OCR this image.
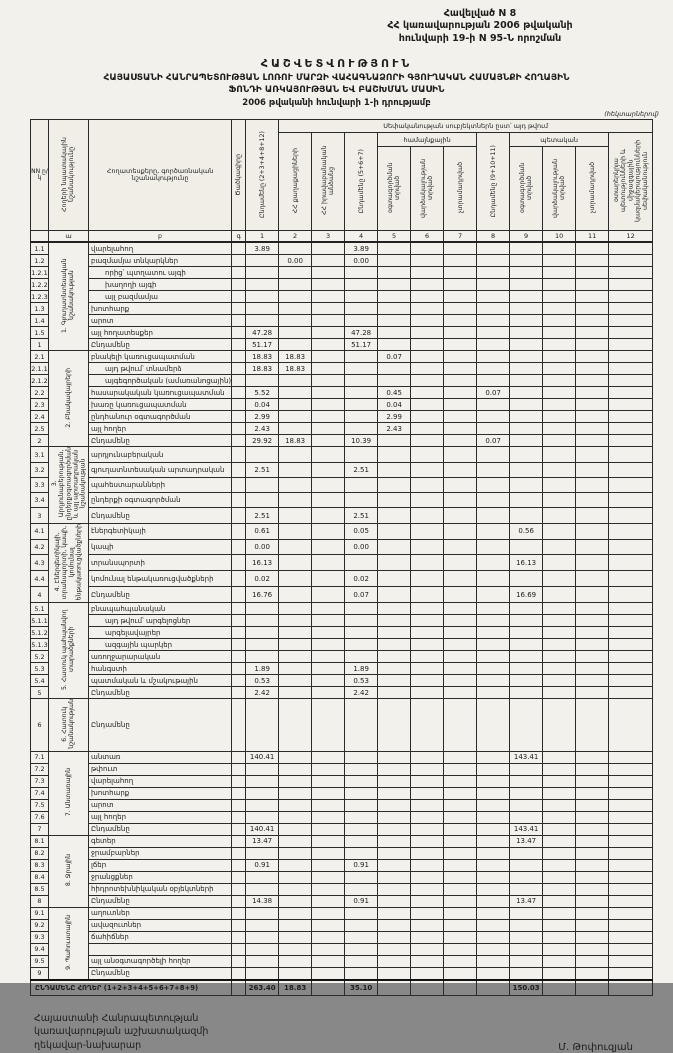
Հավելված N 8
ՀՀ կառավարության 2006 թվականի
հունվարի 19-ի N 95-Ն որոշման
ՀԱՇՎԵՏՎՈՒԹՅՈՒՆ
ՀԱՅԱՍՏԱՆԻ ՀԱՆՐԱՊԵՏՈՒԹՅԱՆ ԼՈՌՈՒ ՄԱՐԶԻ ՎԱՀԱԳՆԱՁՈՐԻ ԳՅՈՒՂԱԿԱՆ ՀԱՄԱՅՆՔԻ ՀՈՂԱՅԻՆ
ՖՈՆԴԻ ԱՌԿԱՅՈՒԹՅԱՆ ԵՎ ԲԱՇԽՄԱՆ ՄԱՍԻՆ
2006 թվականի հունվարի 1-ի դրությամբ
(հեկտարներով)
NN ը/կ	Հողերի նպատակային նշանակությունը	Հողատեսքերը, գործառնական նշանակությունը	Ծածկագիրը	Ընդամենը (2+3+4+8+12)	Սեփականության սուբյեկտներն ըստ՝ այդ թվում										
					ՀՀ քաղաքացիների	ՀՀ իրավաբանական անձանց	Ընդամենը (5+6+7)	համայնքային			Ընդամենը (9+10+11)	պետական			օտարերկրյա պետությունների և միջազգային կազմակերպությունների սեփականություն
								օգտագործման տրված	վարձակալության տրված	չտրամադրված		օգտագործման տրված	վարձակալության տրված	չտրամադրված	
	ա	բ	գ	1	2	3	4	5	6	7	8	9	10	11	12
1.1	1. Գյուղատնտեսական նշանակության	վարելահող		3.89			3.89								
1.2		բազմամյա տնկարկներ			0.00		0.00								
1.2.1		որից՝ պտղատու այգի													
1.2.2		խաղողի այգի													
1.2.3		այլ բազմամյա													
1.3		խոտհարք													
1.4		արոտ													
1.5		այլ հողատեսքեր		47.28			47.28								
1		Ընդամենը		51.17			51.17								
2.1	2. Բնակավայրերի	բնակելի կառուցապատման		18.83	18.83			0.07							
2.1.1		այդ թվում՝ տնամերձ		18.83	18.83										
2.1.2		այգեգործական (ամառանոցային)													
2.2		հասարակական կառուցապատման		5.52				0.45			0.07				
2.3		խառը կառուցապատման		0.04				0.04							
2.4		ընդհանուր օգտագործման		2.99				2.99							
2.5		այլ հողեր		2.43				2.43							
2		Ընդամենը		29.92	18.83		10.39				0.07				
3.1	3. Արդյունաբերության, ընդերքօգտագործման և այլ արտադրական նշանակության	արդյունաբերական													
3.2		գյուղատնտեսական արտադրական		2.51			2.51								
3.3		պահեստարանների													
3.4		ընդերքի օգտագործման													
3		Ընդամենը		2.51			2.51								
4.1	4. Էներգետիկայի, տրանսպորտի, կապի, կոմունալ ենթակառուցվածքների	էներգետիկայի		0.61			0.05					0.56			
4.2		կապի		0.00			0.00								
4.3		տրանսպորտի		16.13								16.13			
4.4		կոմունալ ենթակառուցվածքների		0.02			0.02								
4		Ընդամենը		16.76			0.07					16.69			
5.1	5. Հատուկ պահպանվող տարածքների	բնապահպանական													
5.1.1		այդ թվում՝ արգելոցներ													
5.1.2		արգելավայրեր													
5.1.3		ազգային պարկեր													
5.2		առողջարարական													
5.3		հանգստի		1.89			1.89								
5.4		պատմական և մշակութային		0.53			0.53								
5		Ընդամենը		2.42			2.42								
6	6. Հատուկ նշանակության	Ընդամենը													
7.1	7. Անտառային	անտառ		140.41								143.41			
7.2		թփուտ													
7.3		վարելահող													
7.4		խոտհարք													
7.5		արոտ													
7.6		այլ հողեր													
7		Ընդամենը		140.41								143.41			
8.1	8. Ջրային	գետեր		13.47								13.47			
8.2		ջրամբարներ													
8.3		լճեր		0.91			0.91								
8.4		ջրանցքներ													
8.5		հիդրոտեխնիկական օբյեկտների													
8		Ընդամենը		14.38			0.91					13.47			
9.1	9. Պահուստային	աղուտներ													
9.2		ավազուտներ													
9.3		ճահիճներ													
9.4															
9.5		այլ անօգտագործելի հողեր													
9		Ընդամենը													
ԸՆԴԱՄԵՆԸ ՀՈՂԵՐ (1+2+3+4+5+6+7+8+9)				263.40	18.83		35.10					150.03			
Հայաստանի Հանրապետության
կառավարության աշխատակազմի
ղեկավար-նախարար	Մ. Թոփուզյան
